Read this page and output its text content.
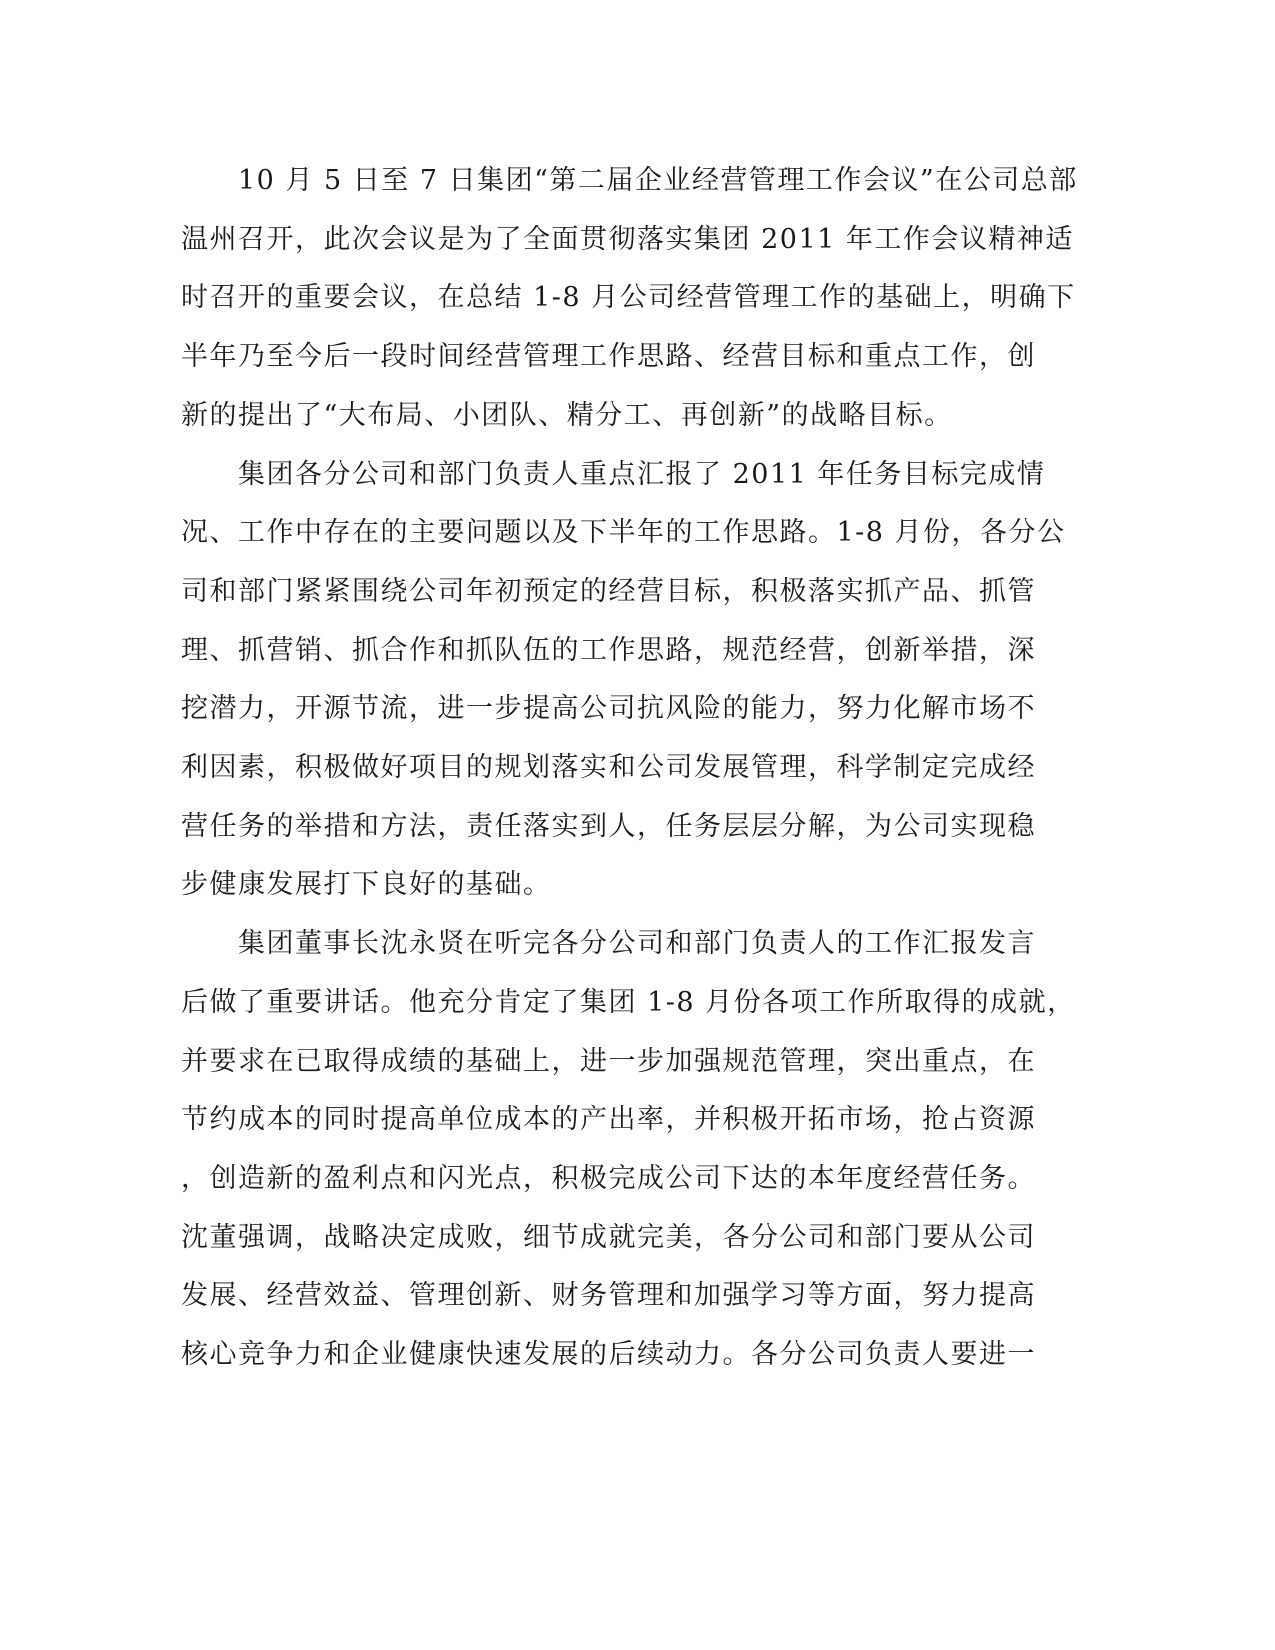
　　10 月 5 日至 7 日集团“第二届企业经营管理工作会议”在公司总部
温州召开，此次会议是为了全面贯彻落实集团 2011 年工作会议精神适
时召开的重要会议，在总结 1-8 月公司经营管理工作的基础上，明确下
半年乃至今后一段时间经营管理工作思路、经营目标和重点工作，创
新的提出了“大布局、小团队、精分工、再创新”的战略目标。
　　集团各分公司和部门负责人重点汇报了 2011 年任务目标完成情
况、工作中存在的主要问题以及下半年的工作思路。1-8 月份，各分公
司和部门紧紧围绕公司年初预定的经营目标，积极落实抓产品、抓管
理、抓营销、抓合作和抓队伍的工作思路，规范经营，创新举措，深
挖潜力，开源节流，进一步提高公司抗风险的能力，努力化解市场不
利因素，积极做好项目的规划落实和公司发展管理，科学制定完成经
营任务的举措和方法，责任落实到人，任务层层分解，为公司实现稳
步健康发展打下良好的基础。
　　集团董事长沈永贤在听完各分公司和部门负责人的工作汇报发言
后做了重要讲话。他充分肯定了集团 1-8 月份各项工作所取得的成就，
并要求在已取得成绩的基础上，进一步加强规范管理，突出重点，在
节约成本的同时提高单位成本的产出率，并积极开拓市场，抢占资源
，创造新的盈利点和闪光点，积极完成公司下达的本年度经营任务。
沈董强调，战略决定成败，细节成就完美，各分公司和部门要从公司
发展、经营效益、管理创新、财务管理和加强学习等方面，努力提高
核心竞争力和企业健康快速发展的后续动力。各分公司负责人要进一
